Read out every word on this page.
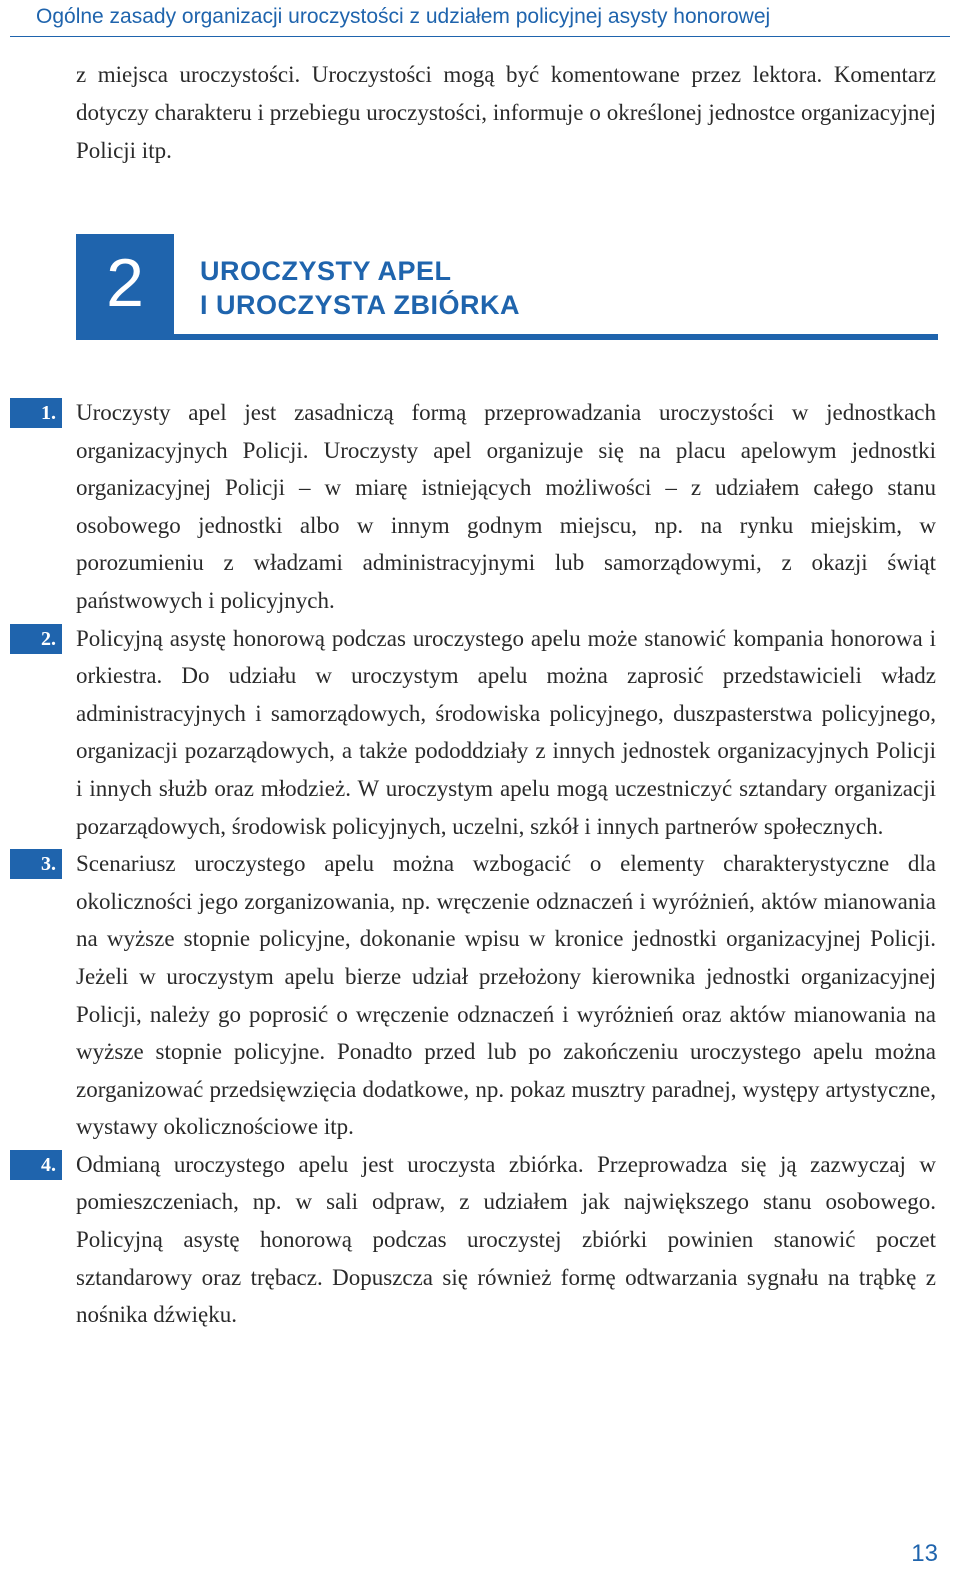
Ogólne zasady organizacji uroczystości z udziałem policyjnej asysty honorowej
z miejsca uroczystości. Uroczystości mogą być komentowane przez lektora. Komentarz dotyczy charakteru i przebiegu uroczystości, informuje o określonej jednostce organizacyjnej Policji itp.
2	UROCZYSTY APEL
I UROCZYSTA ZBIÓRKA
1. Uroczysty apel jest zasadniczą formą przeprowadzania uroczystości w jednostkach organizacyjnych Policji. Uroczysty apel organizuje się na placu apelowym jednostki organizacyjnej Policji – w miarę istniejących możliwości – z udziałem całego stanu osobowego jednostki albo w innym godnym miejscu, np. na rynku miejskim, w porozumieniu z władzami administracyjnymi lub samorządowymi, z okazji świąt państwowych i policyjnych.
2. Policyjną asystę honorową podczas uroczystego apelu może stanowić kompania honorowa i orkiestra. Do udziału w uroczystym apelu można zaprosić przedstawicieli władz administracyjnych i samorządowych, środowiska policyjnego, duszpasterstwa policyjnego, organizacji pozarządowych, a także pododdziały z innych jednostek organizacyjnych Policji i innych służb oraz młodzież. W uroczystym apelu mogą uczestniczyć sztandary organizacji pozarządowych, środowisk policyjnych, uczelni, szkół i innych partnerów społecznych.
3. Scenariusz uroczystego apelu można wzbogacić o elementy charakterystyczne dla okoliczności jego zorganizowania, np. wręczenie odznaczeń i wyróżnień, aktów mianowania na wyższe stopnie policyjne, dokonanie wpisu w kronice jednostki organizacyjnej Policji. Jeżeli w uroczystym apelu bierze udział przełożony kierownika jednostki organizacyjnej Policji, należy go poprosić o wręczenie odznaczeń i wyróżnień oraz aktów mianowania na wyższe stopnie policyjne. Ponadto przed lub po zakończeniu uroczystego apelu można zorganizować przedsięwzięcia dodatkowe, np. pokaz musztry paradnej, występy artystyczne, wystawy okolicznościowe itp.
4. Odmianą uroczystego apelu jest uroczysta zbiórka. Przeprowadza się ją zazwyczaj w pomieszczeniach, np. w sali odpraw, z udziałem jak największego stanu osobowego. Policyjną asystę honorową podczas uroczystej zbiórki powinien stanowić poczet sztandarowy oraz trębacz. Dopuszcza się również formę odtwarzania sygnału na trąbkę z nośnika dźwięku.
13
